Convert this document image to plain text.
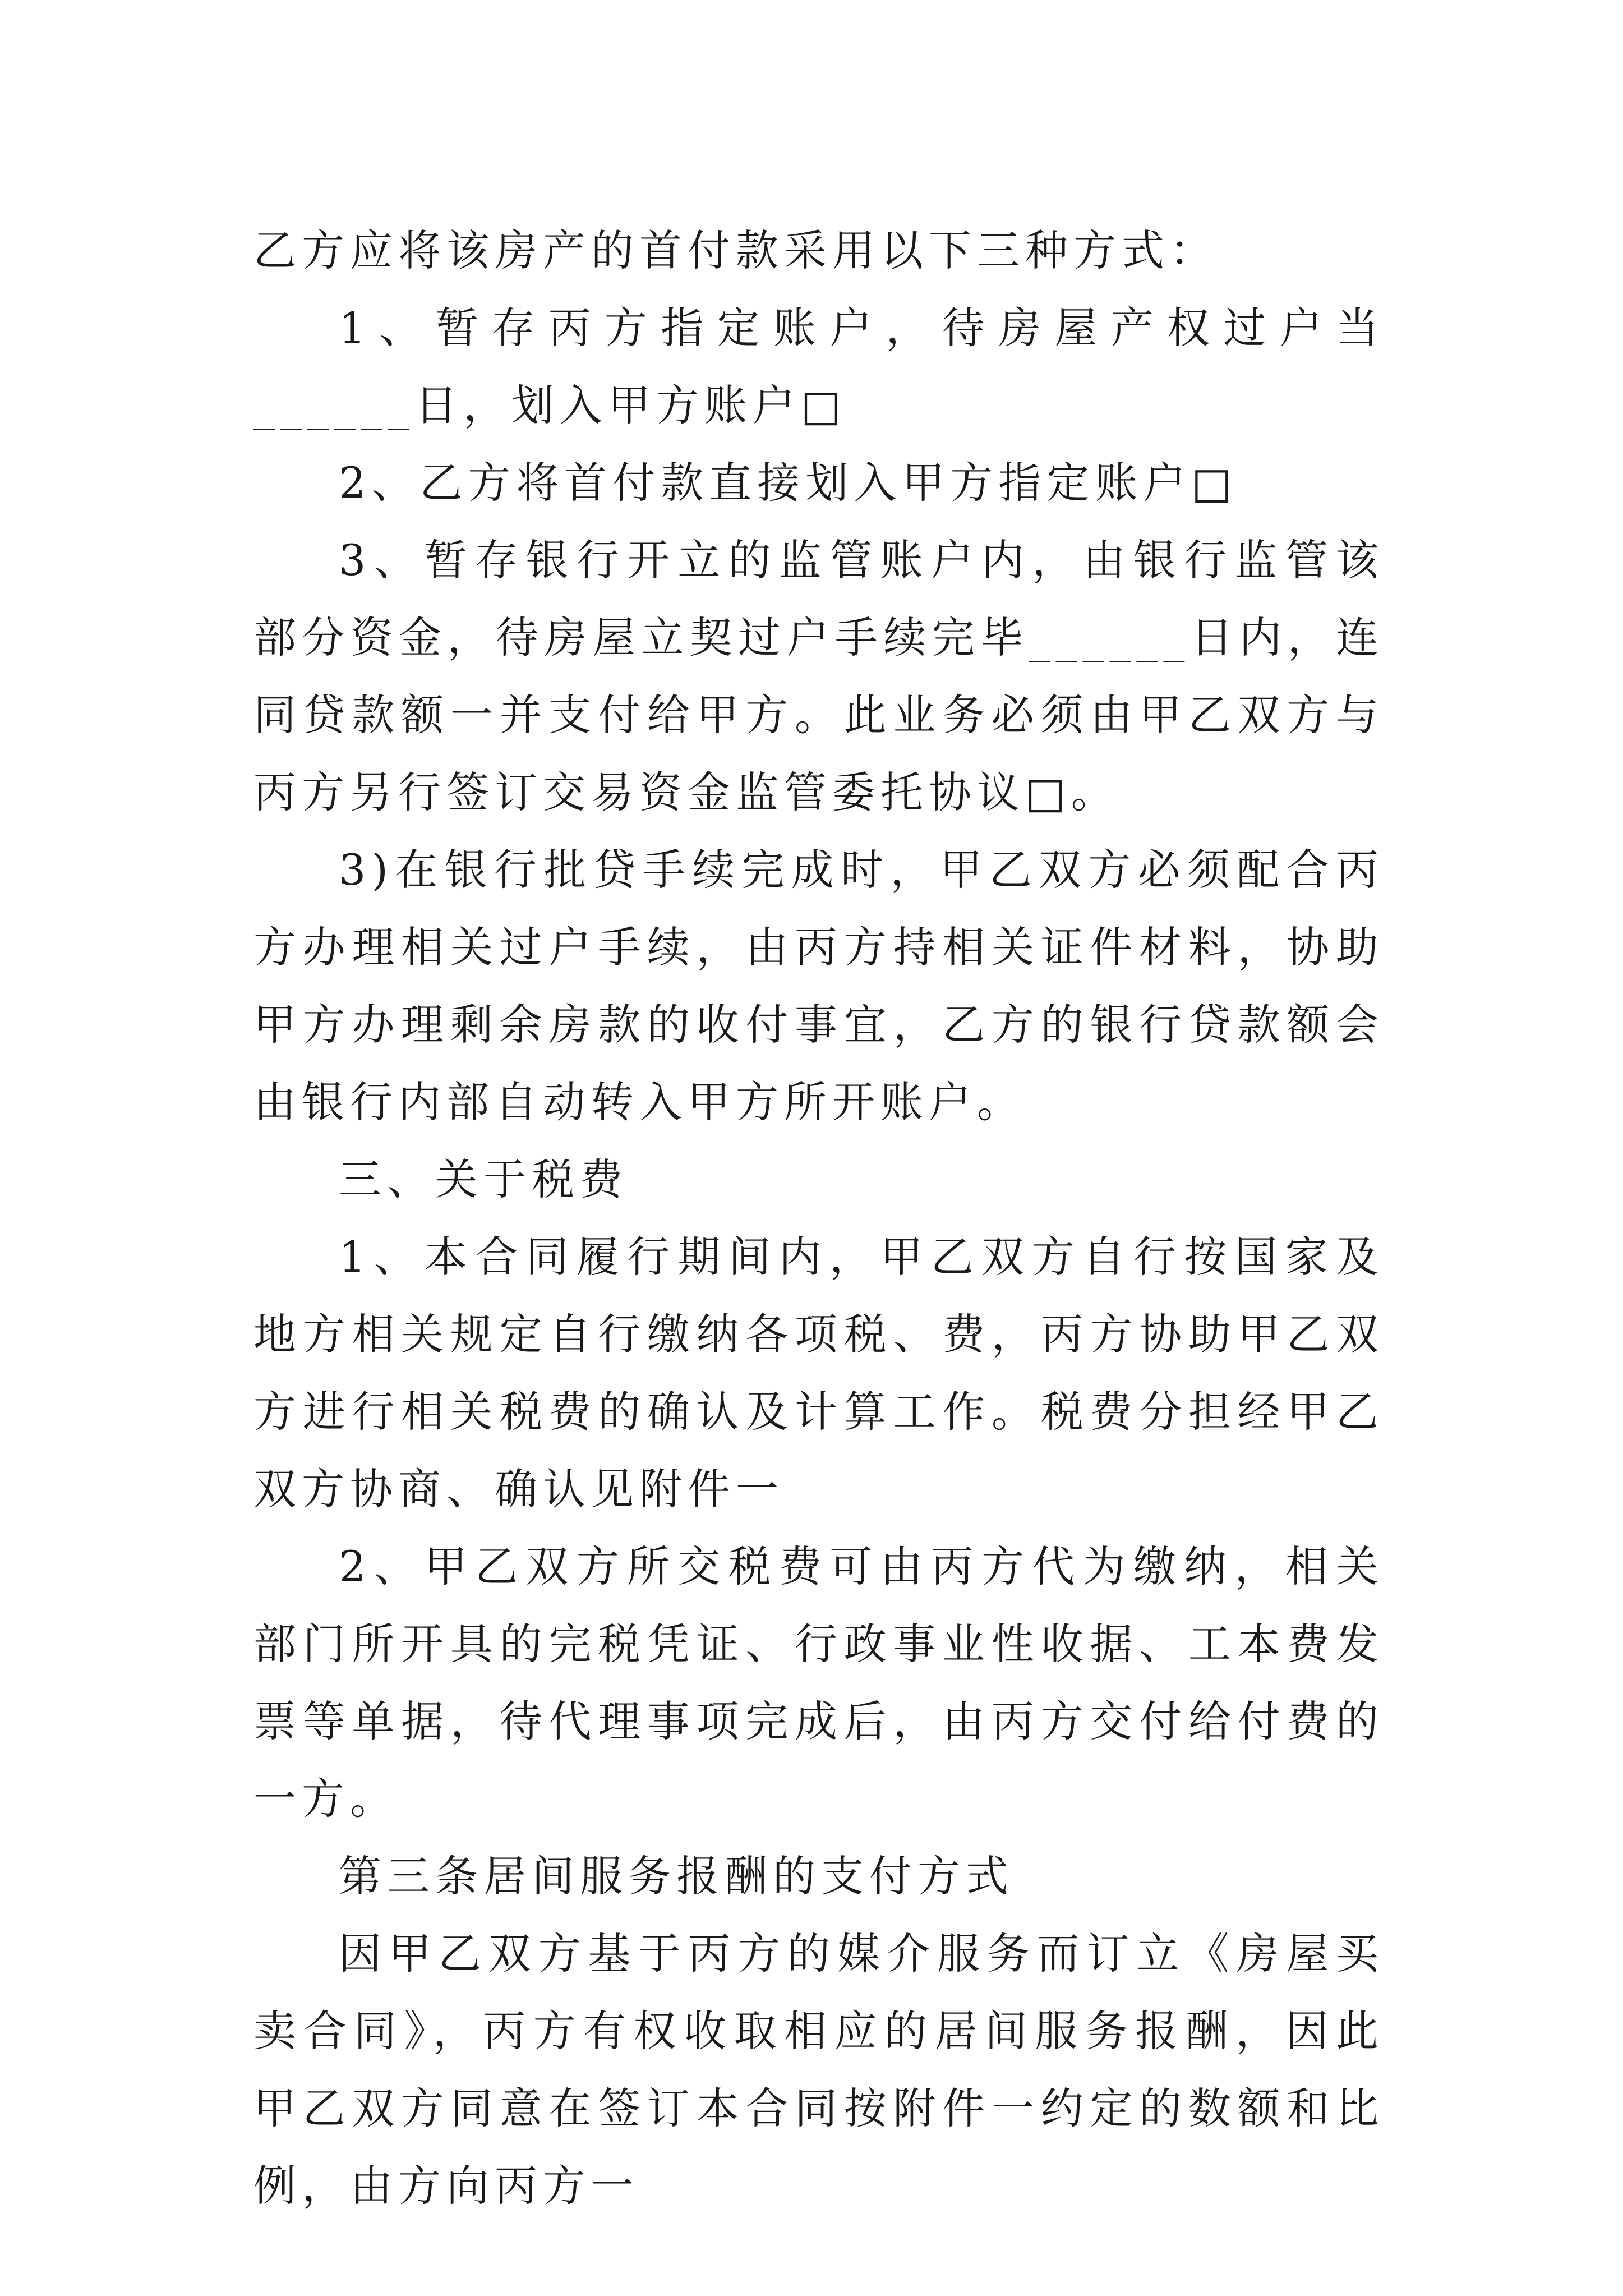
乙方应将该房产的首付款采用以下三种方式：

1、暂存丙方指定账户，待房屋产权过户当______日，划入甲方账户□

2、乙方将首付款直接划入甲方指定账户□

3、暂存银行开立的监管账户内，由银行监管该部分资金，待房屋立契过户手续完毕______日内，连同贷款额一并支付给甲方。此业务必须由甲乙双方与丙方另行签订交易资金监管委托协议□。

3)在银行批贷手续完成时，甲乙双方必须配合丙方办理相关过户手续，由丙方持相关证件材料，协助甲方办理剩余房款的收付事宜，乙方的银行贷款额会由银行内部自动转入甲方所开账户。

三、关于税费

1、本合同履行期间内，甲乙双方自行按国家及地方相关规定自行缴纳各项税、费，丙方协助甲乙双方进行相关税费的确认及计算工作。税费分担经甲乙双方协商、确认见附件一

2、甲乙双方所交税费可由丙方代为缴纳，相关部门所开具的完税凭证、行政事业性收据、工本费发票等单据，待代理事项完成后，由丙方交付给付费的一方。

第三条居间服务报酬的支付方式

因甲乙双方基于丙方的媒介服务而订立《房屋买卖合同》，丙方有权收取相应的居间服务报酬，因此甲乙双方同意在签订本合同按附件一约定的数额和比例，由方向丙方一
